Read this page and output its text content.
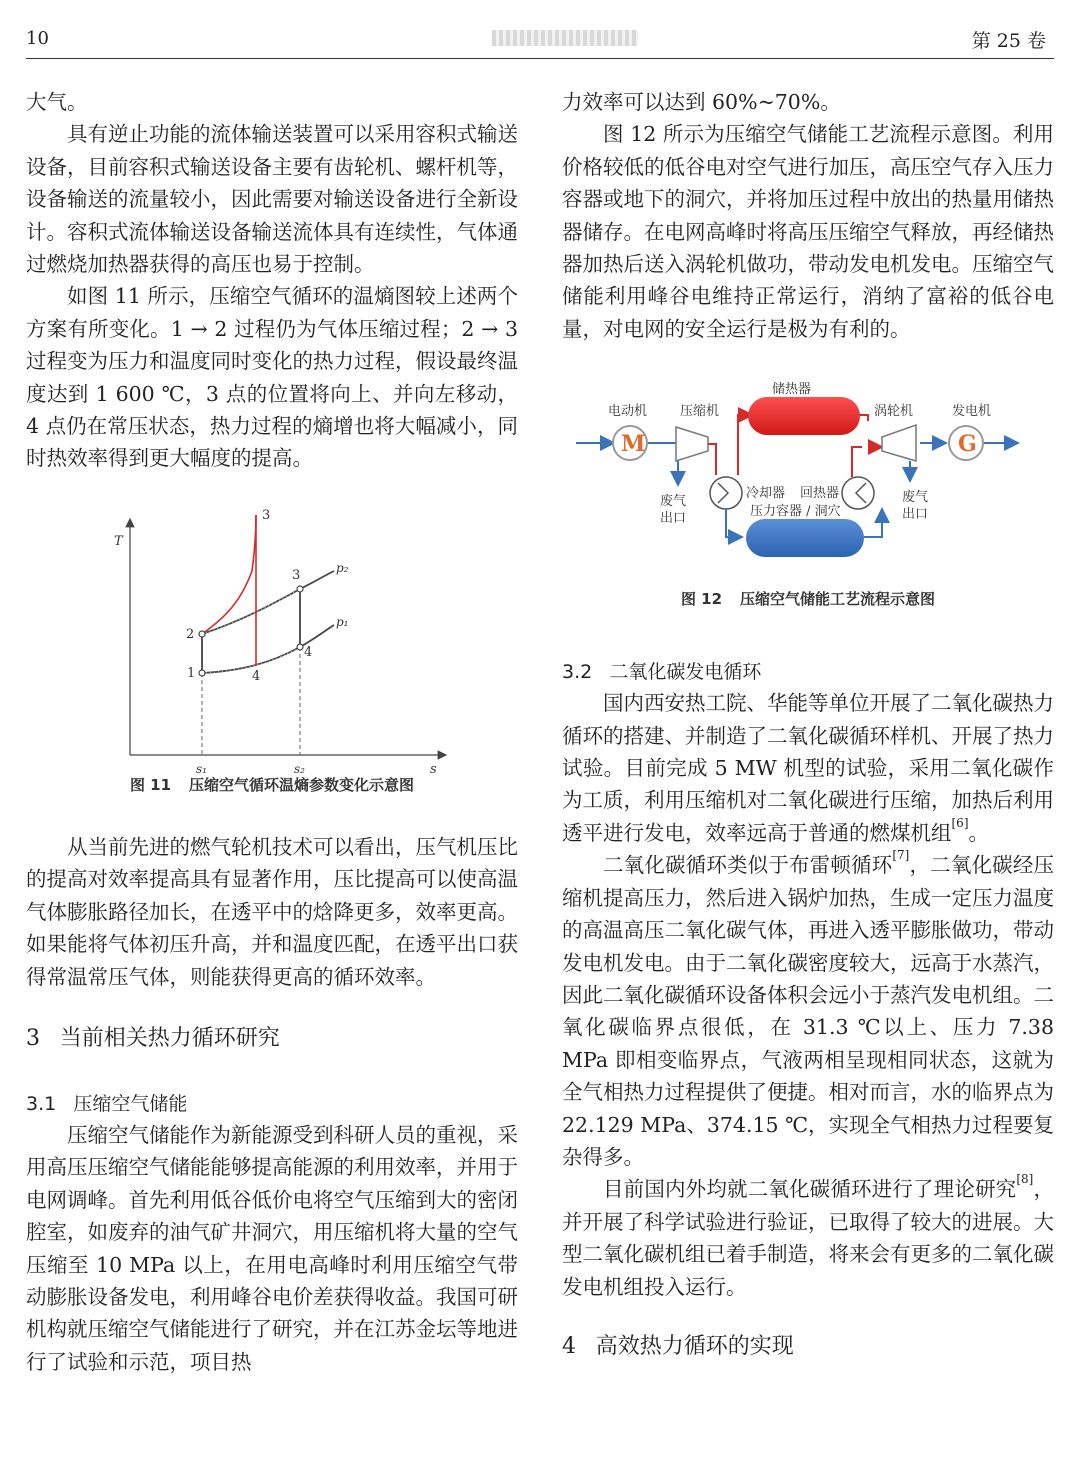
10	第 25 卷

大气。

具有逆止功能的流体输送装置可以采用容积式输送设备，目前容积式输送设备主要有齿轮机、螺杆机等，设备输送的流量较小，因此需要对输送设备进行全新设计。容积式流体输送设备输送流体具有连续性，气体通过燃烧加热器获得的高压也易于控制。

如图 11 所示，压缩空气循环的温熵图较上述两个方案有所变化。1 → 2 过程仍为气体压缩过程；2 → 3 过程变为压力和温度同时变化的热力过程，假设最终温度达到 1 600 ℃，3 点的位置将向上、并向左移动，4 点仍在常压状态，热力过程的熵增也将大幅减小，同时热效率得到更大幅度的提高。

T
s
s₁	s₂
p₂
p₁
1
2
3
3
4
4
图 11 压缩空气循环温熵参数变化示意图

从当前先进的燃气轮机技术可以看出，压气机压比的提高对效率提高具有显著作用，压比提高可以使高温气体膨胀路径加长，在透平中的焓降更多，效率更高。如果能将气体初压升高，并和温度匹配，在透平出口获得常温常压气体，则能获得更高的循环效率。

3 当前相关热力循环研究

3.1 压缩空气储能

压缩空气储能作为新能源受到科研人员的重视，采用高压压缩空气储能能够提高能源的利用效率，并用于电网调峰。首先利用低谷低价电将空气压缩到大的密闭腔室，如废弃的油气矿井洞穴，用压缩机将大量的空气压缩至 10 MPa 以上，在用电高峰时利用压缩空气带动膨胀设备发电，利用峰谷电价差获得收益。我国可研机构就压缩空气储能进行了研究，并在江苏金坛等地进行了试验和示范，项目热

力效率可以达到 60%~70%。

图 12 所示为压缩空气储能工艺流程示意图。利用价格较低的低谷电对空气进行加压，高压空气存入压力容器或地下的洞穴，并将加压过程中放出的热量用储热器储存。在电网高峰时将高压压缩空气释放，再经储热器加热后送入涡轮机做功，带动发电机发电。压缩空气储能利用峰谷电维持正常运行，消纳了富裕的低谷电量，对电网的安全运行是极为有利的。

M
电动机	压缩机
废气
出口
储热器
冷却器 回热器
压力容器 / 洞穴
涡轮机
废气
出口
G
发电机
图 12 压缩空气储能工艺流程示意图

3.2 二氧化碳发电循环

国内西安热工院、华能等单位开展了二氧化碳热力循环的搭建、并制造了二氧化碳循环样机、开展了热力试验。目前完成 5 MW 机型的试验，采用二氧化碳作为工质，利用压缩机对二氧化碳进行压缩，加热后利用透平进行发电，效率远高于普通的燃煤机组[6]。

二氧化碳循环类似于布雷顿循环[7]，二氧化碳经压缩机提高压力，然后进入锅炉加热，生成一定压力温度的高温高压二氧化碳气体，再进入透平膨胀做功，带动发电机发电。由于二氧化碳密度较大，远高于水蒸汽，因此二氧化碳循环设备体积会远小于蒸汽发电机组。二氧化碳临界点很低，在 31.3 ℃以上、压力 7.38 MPa 即相变临界点，气液两相呈现相同状态，这就为全气相热力过程提供了便捷。相对而言，水的临界点为 22.129 MPa、374.15 ℃，实现全气相热力过程要复杂得多。

目前国内外均就二氧化碳循环进行了理论研究[8]，并开展了科学试验进行验证，已取得了较大的进展。大型二氧化碳机组已着手制造，将来会有更多的二氧化碳发电机组投入运行。

4 高效热力循环的实现
